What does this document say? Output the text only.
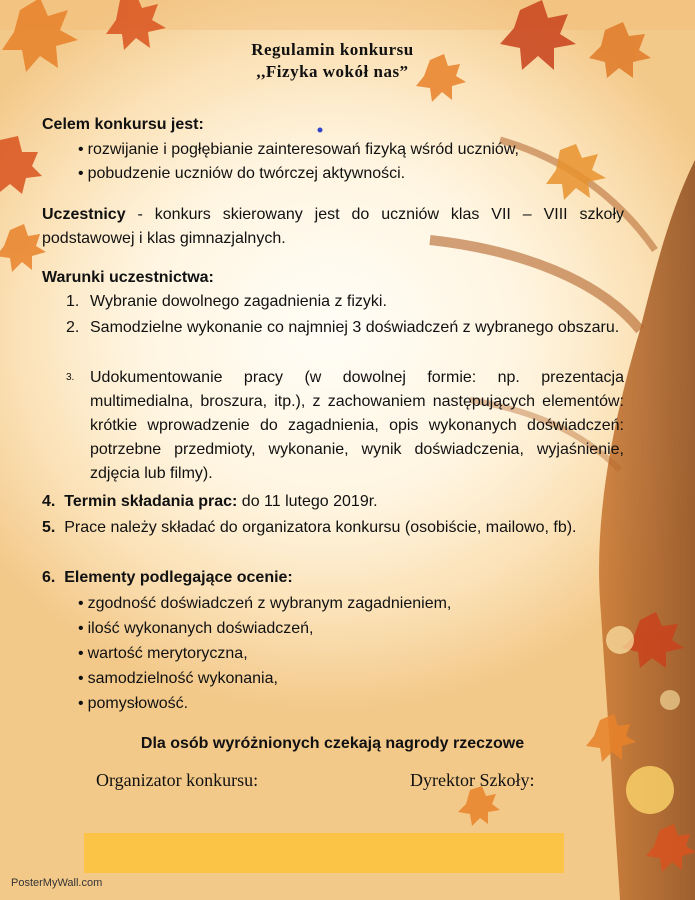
Regulamin konkursu
,,Fizyka wokół nas”
Celem konkursu jest:
• rozwijanie i pogłębianie zainteresowań fizyką wśród uczniów,
• pobudzenie uczniów do twórczej aktywności.
Uczestnicy - konkurs skierowany jest do uczniów klas VII – VIII szkoły podstawowej i klas gimnazjalnych.
Warunki uczestnictwa:
1. Wybranie dowolnego zagadnienia z fizyki.
2. Samodzielne wykonanie co najmniej 3 doświadczeń z wybranego obszaru.
3. Udokumentowanie pracy (w dowolnej formie: np. prezentacja multimedialna, broszura, itp.), z zachowaniem następujących elementów: krótkie wprowadzenie do zagadnienia, opis wykonanych doświadczeń: potrzebne przedmioty, wykonanie, wynik doświadczenia, wyjaśnienie, zdjęcia lub filmy).
4. Termin składania prac: do 11 lutego 2019r.
5. Prace należy składać do organizatora konkursu (osobiście, mailowo, fb).
6. Elementy podlegające ocenie:
• zgodność doświadczeń z wybranym zagadnieniem,
• ilość wykonanych doświadczeń,
• wartość merytoryczna,
• samodzielność wykonania,
• pomysłowość.
Dla osób wyróżnionych czekają nagrody rzeczowe
Organizator konkursu:	Dyrektor Szkoły:
PosterMyWall.com
